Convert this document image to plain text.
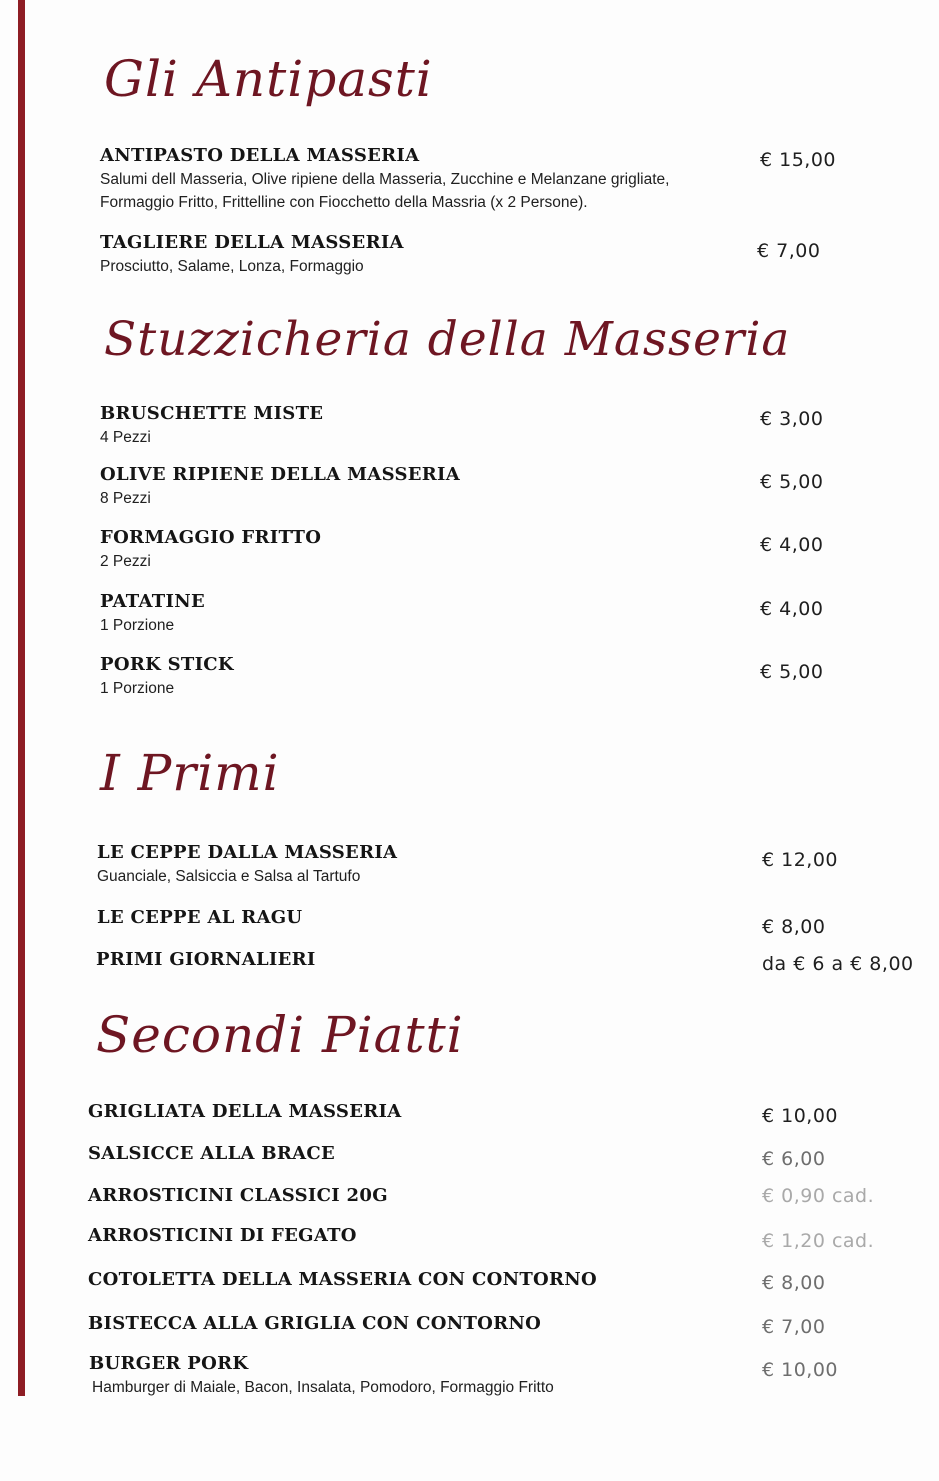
Gli Antipasti
ANTIPASTO DELLA MASSERIA
Salumi dell Masseria, Olive ripiene della Masseria, Zucchine e Melanzane grigliate,
Formaggio Fritto, Frittelline con Fiocchetto della Massria (x 2 Persone).
€ 15,00
TAGLIERE DELLA MASSERIA
Prosciutto, Salame, Lonza, Formaggio
€ 7,00
Stuzzicheria della Masseria
BRUSCHETTE MISTE
4 Pezzi
€ 3,00
OLIVE RIPIENE DELLA MASSERIA
8 Pezzi
€ 5,00
FORMAGGIO FRITTO
2 Pezzi
€ 4,00
PATATINE
1 Porzione
€ 4,00
PORK STICK
1 Porzione
€ 5,00
I Primi
LE CEPPE DALLA MASSERIA
Guanciale, Salsiccia e Salsa al Tartufo
€ 12,00
LE CEPPE AL RAGU	€ 8,00
PRIMI GIORNALIERI	da € 6 a € 8,00
Secondi Piatti
GRIGLIATA DELLA MASSERIA	€ 10,00
SALSICCE ALLA BRACE	€ 6,00
ARROSTICINI CLASSICI 20G	€ 0,90 cad.
ARROSTICINI DI FEGATO	€ 1,20 cad.
COTOLETTA DELLA MASSERIA CON CONTORNO	€ 8,00
BISTECCA ALLA GRIGLIA CON CONTORNO	€ 7,00
BURGER PORK
Hamburger di Maiale, Bacon, Insalata, Pomodoro, Formaggio Fritto
€ 10,00
